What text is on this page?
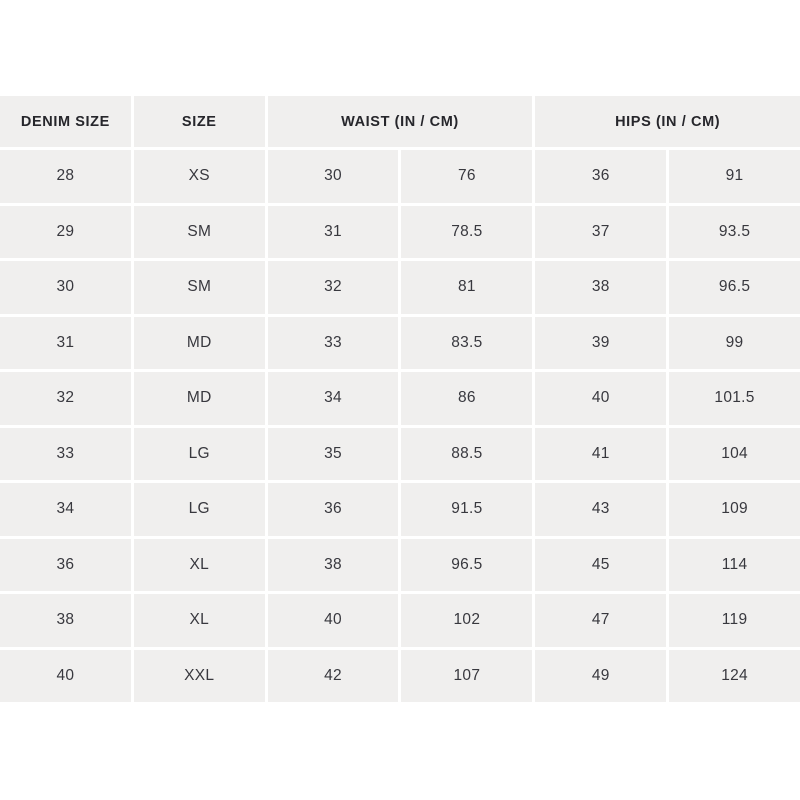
DENIM SIZE	SIZE	WAIST (IN / CM)	HIPS (IN / CM)
28	XS	30	76	36	91
29	SM	31	78.5	37	93.5
30	SM	32	81	38	96.5
31	MD	33	83.5	39	99
32	MD	34	86	40	101.5
33	LG	35	88.5	41	104
34	LG	36	91.5	43	109
36	XL	38	96.5	45	114
38	XL	40	102	47	119
40	XXL	42	107	49	124
